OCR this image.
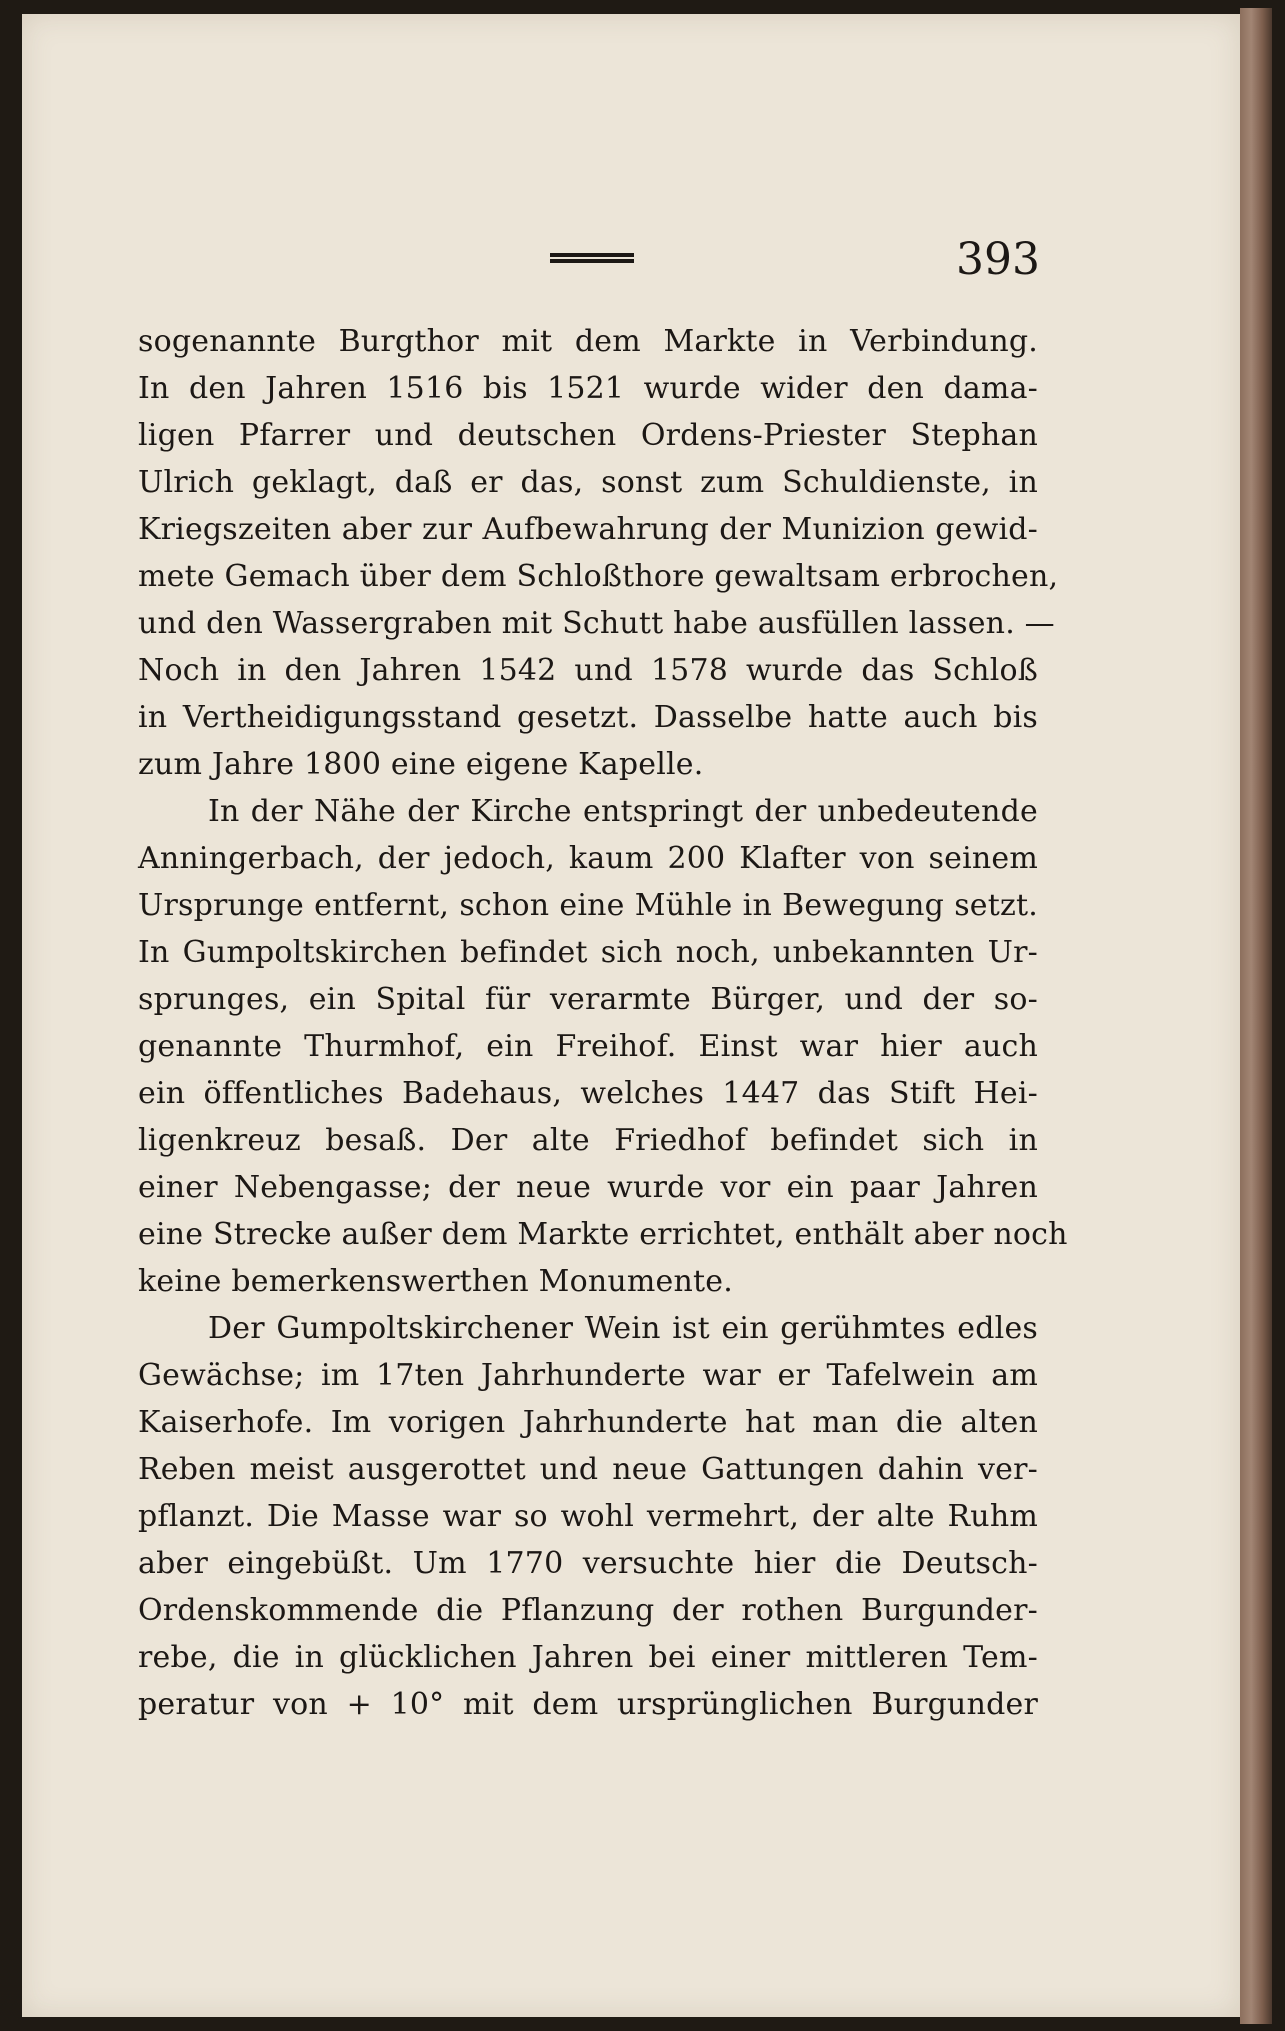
393
sogenannte Burgthor mit dem Markte in Verbindung.
In den Jahren 1516 bis 1521 wurde wider den dama-
ligen Pfarrer und deutschen Ordens-Priester Stephan
Ulrich geklagt, daß er das, sonst zum Schuldienste, in
Kriegszeiten aber zur Aufbewahrung der Munizion gewid-
mete Gemach über dem Schloßthore gewaltsam erbrochen,
und den Wassergraben mit Schutt habe ausfüllen lassen. —
Noch in den Jahren 1542 und 1578 wurde das Schloß
in Vertheidigungsstand gesetzt. Dasselbe hatte auch bis
zum Jahre 1800 eine eigene Kapelle.
In der Nähe der Kirche entspringt der unbedeutende
Anningerbach, der jedoch, kaum 200 Klafter von seinem
Ursprunge entfernt, schon eine Mühle in Bewegung setzt.
In Gumpoltskirchen befindet sich noch, unbekannten Ur-
sprunges, ein Spital für verarmte Bürger, und der so-
genannte Thurmhof, ein Freihof. Einst war hier auch
ein öffentliches Badehaus, welches 1447 das Stift Hei-
ligenkreuz besaß. Der alte Friedhof befindet sich in
einer Nebengasse; der neue wurde vor ein paar Jahren
eine Strecke außer dem Markte errichtet, enthält aber noch
keine bemerkenswerthen Monumente.
Der Gumpoltskirchener Wein ist ein gerühmtes edles
Gewächse; im 17ten Jahrhunderte war er Tafelwein am
Kaiserhofe. Im vorigen Jahrhunderte hat man die alten
Reben meist ausgerottet und neue Gattungen dahin ver-
pflanzt. Die Masse war so wohl vermehrt, der alte Ruhm
aber eingebüßt. Um 1770 versuchte hier die Deutsch-
Ordenskommende die Pflanzung der rothen Burgunder-
rebe, die in glücklichen Jahren bei einer mittleren Tem-
peratur von + 10° mit dem ursprünglichen Burgunder
